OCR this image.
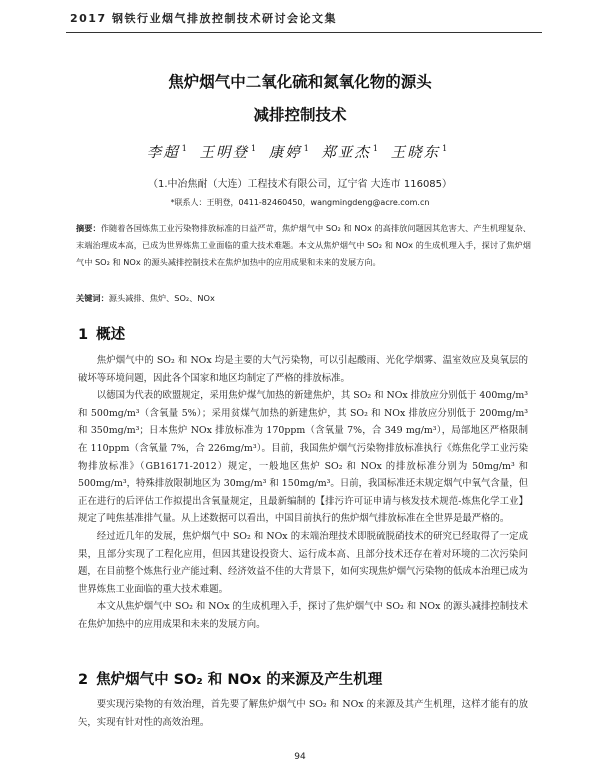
2017 钢铁行业烟气排放控制技术研讨会论文集
焦炉烟气中二氧化硫和氮氧化物的源头
减排控制技术
李超 $^1$ 王明登 $^1$ 康婷 $^1$ 郑亚杰 $^1$ 王晓东 $^1$
（1.中冶焦耐（大连）工程技术有限公司，辽宁省 大连市 116085）
*联系人：王明登，0411-82460450，wangmingdeng@acre.com.cn
摘要：作随着各国炼焦工业污染物排放标准的日益严苛，焦炉烟气中 SO₂ 和 NOx 的高排放问题因其危害大、产生机理复杂、末端治理成本高，已成为世界炼焦工业面临的重大技术难题。本文从焦炉烟气中 SO₂ 和 NOx 的生成机理入手，探讨了焦炉烟气中 SO₂ 和 NOx 的源头减排控制技术在焦炉加热中的应用成果和未来的发展方向。
关键词：源头减排、焦炉、SO₂、NOx
1 概述

焦炉烟气中的 SO₂ 和 NOx 均是主要的大气污染物，可以引起酸雨、光化学烟雾、温室效应及臭氧层的破坏等环境问题，因此各个国家和地区均制定了严格的排放标准。

以德国为代表的欧盟规定，采用焦炉煤气加热的新建焦炉，其 SO₂ 和 NOx 排放应分别低于 400mg/m³ 和 500mg/m³（含氧量 5%）；采用贫煤气加热的新建焦炉，其 SO₂ 和 NOx 排放应分别低于 200mg/m³ 和 350mg/m³；日本焦炉 NOx 排放标准为 170ppm（含氧量 7%，合 349 mg/m³），局部地区严格限制在 110ppm（含氧量 7%，合 226mg/m³）。目前，我国焦炉烟气污染物排放标准执行《炼焦化学工业污染物排放标准》（GB16171-2012）规定，一般地区焦炉 SO₂ 和 NOx 的排放标准分别为 50mg/m³ 和 500mg/m³，特殊排放限制地区为 30mg/m³ 和 150mg/m³。日前，我国标准还未规定烟气中氧气含量，但正在进行的后评估工作拟提出含氧量规定，且最新编制的【排污许可证申请与核发技术规范-炼焦化学工业】规定了吨焦基准排气量。从上述数据可以看出，中国目前执行的焦炉烟气排放标准在全世界是最严格的。

经过近几年的发展，焦炉烟气中 SO₂ 和 NOx 的末端治理技术即脱硫脱硝技术的研究已经取得了一定成果，且部分实现了工程化应用，但因其建设投资大、运行成本高、且部分技术还存在着对环境的二次污染问题，在目前整个炼焦行业产能过剩、经济效益不佳的大背景下，如何实现焦炉烟气污染物的低成本治理已成为世界炼焦工业面临的重大技术难题。

本文从焦炉烟气中 SO₂ 和 NOx 的生成机理入手，探讨了焦炉烟气中 SO₂ 和 NOx 的源头减排控制技术在焦炉加热中的应用成果和未来的发展方向。

2 焦炉烟气中 SO₂ 和 NOx 的来源及产生机理

要实现污染物的有效治理，首先要了解焦炉烟气中 SO₂ 和 NOx 的来源及其产生机理，这样才能有的放矢，实现有针对性的高效治理。

94
